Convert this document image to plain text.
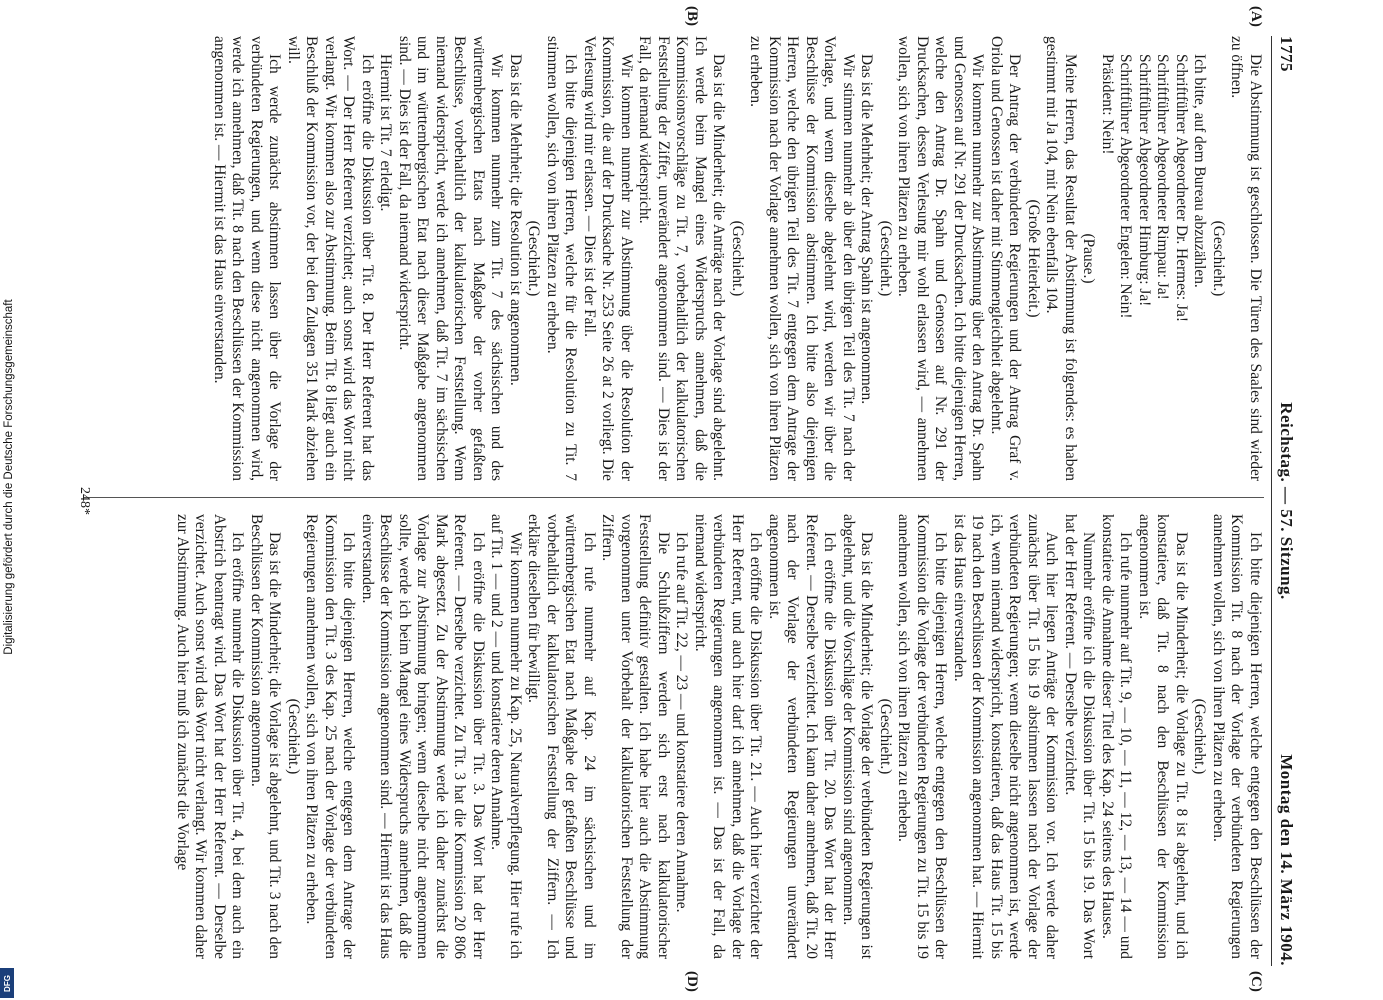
1775
Reichstag. — 57. Sitzung.
Montag den 14. März 1904.

Die Abstimmung ist geschlossen. Die Türen des Saales sind wieder zu öffnen.

(Geschieht.)

Ich bitte, auf dem Bureau abzuzählen.

Schriftführer Abgeordneter Dr. Hermes: Ja!

Schriftführer Abgeordneter Rimpau: Ja!

Schriftführer Abgeordneter Himburg: Ja!

Schriftführer Abgeordneter Engelen: Nein!

Präsident: Nein!

(Pause.)

Meine Herren, das Resultat der Abstimmung ist folgendes: es haben gestimmt mit Ja 104, mit Nein ebenfalls 104.

(Große Heiterkeit.)

Der Antrag der verbündeten Regierungen und der Antrag Graf v. Oriola und Genossen ist daher mit Stimmengleichheit abgelehnt.

Wir kommen nunmehr zur Abstimmung über den Antrag Dr. Spahn und Genossen auf Nr. 291 der Drucksachen. Ich bitte diejenigen Herren, welche den Antrag Dr. Spahn und Genossen auf Nr. 291 der Drucksachen, dessen Verlesung mir wohl erlassen wird, — annehmen wollen, sich von ihren Plätzen zu erheben.

(Geschieht.)

Das ist die Mehrheit; der Antrag Spahn ist angenommen.

Wir stimmen nunmehr ab über den übrigen Teil des Tit. 7 nach der Vorlage, und wenn dieselbe abgelehnt wird, werden wir über die Beschlüsse der Kommission abstimmen. Ich bitte also diejenigen Herren, welche den übrigen Teil des Tit. 7 entgegen dem Antrage der Kommission nach der Vorlage annehmen wollen, sich von ihren Plätzen zu erheben.

(Geschieht.)

Das ist die Minderheit; die Anträge nach der Vorlage sind abgelehnt. Ich werde beim Mangel eines Widerspruchs annehmen, daß die Kommissionsvorschläge zu Tit. 7, vorbehaltlich der kalkulatorischen Feststellung der Ziffer, unverändert angenommen sind. — Dies ist der Fall, da niemand widerspricht.

Wir kommen nunmehr zur Abstimmung über die Resolution der Kommission, die auf der Drucksache Nr. 253 Seite 26 at 2 vorliegt. Die Verlesung wird mir erlassen. — Dies ist der Fall.

Ich bitte diejenigen Herren, welche für die Resolution zu Tit. 7 stimmen wollen, sich von ihren Plätzen zu erheben.

(Geschieht.)

Das ist die Mehrheit; die Resolution ist angenommen.

Wir kommen nunmehr zum Tit. 7 des sächsischen und des württembergischen Etats nach Maßgabe der vorher gefaßten Beschlüsse, vorbehaltlich der kalkulatorischen Feststellung. Wenn niemand widerspricht, werde ich annehmen, daß Tit. 7 im sächsischen und im württembergischen Etat nach dieser Maßgabe angenommen sind. — Dies ist der Fall, da niemand widerspricht.

Hiermit ist Tit. 7 erledigt.

Ich eröffne die Diskussion über Tit. 8. Der Herr Referent hat das Wort. — Der Herr Referent verzichtet; auch sonst wird das Wort nicht verlangt. Wir kommen also zur Abstimmung. Beim Tit. 8 liegt auch ein Beschluß der Kommission vor, der bei den Zulagen 351 Mark abziehen will.

Ich werde zunächst abstimmen lassen über die Vorlage der verbündeten Regierungen, und wenn diese nicht angenommen wird, werde ich annehmen, daß Tit. 8 nach den Beschlüssen der Kommission angenommen ist. — Hiermit ist das Haus einverstanden.

Ich bitte diejenigen Herren, welche entgegen den Beschlüssen der Kommission Tit. 8 nach der Vorlage der verbündeten Regierungen annehmen wollen, sich von ihren Plätzen zu erheben.

(Geschieht.)

Das ist die Minderheit; die Vorlage zu Tit. 8 ist abgelehnt, und ich konstatiere, daß Tit. 8 nach den Beschlüssen der Kommission angenommen ist.

Ich rufe nunmehr auf Tit. 9, — 10, — 11, — 12, — 13, — 14 — und konstatiere die Annahme dieser Titel des Kap. 24 seitens des Hauses.

Nunmehr eröffne ich die Diskussion über Tit. 15 bis 19. Das Wort hat der Herr Referent. — Derselbe verzichtet.

Auch hier liegen Anträge der Kommission vor. Ich werde daher zunächst über Tit. 15 bis 19 abstimmen lassen nach der Vorlage der verbündeten Regierungen; wenn dieselbe nicht angenommen ist, werde ich, wenn niemand widerspricht, konstatieren, daß das Haus Tit. 15 bis 19 nach den Beschlüssen der Kommission angenommen hat. — Hiermit ist das Haus einverstanden.

Ich bitte diejenigen Herren, welche entgegen den Beschlüssen der Kommission die Vorlage der verbündeten Regierungen zu Tit. 15 bis 19 annehmen wollen, sich von ihren Plätzen zu erheben.

(Geschieht.)

Das ist die Minderheit; die Vorlage der verbündeten Regierungen ist abgelehnt, und die Vorschläge der Kommission sind angenommen.

Ich eröffne die Diskussion über Tit. 20. Das Wort hat der Herr Referent. — Derselbe verzichtet. Ich kann daher annehmen, daß Tit. 20 nach der Vorlage der verbündeten Regierungen unverändert angenommen ist.

Ich eröffne die Diskussion über Tit. 21. — Auch hier verzichtet der Herr Referent, und auch hier darf ich annehmen, daß die Vorlage der verbündeten Regierungen angenommen ist. — Das ist der Fall, da niemand widerspricht.

Ich rufe auf Tit. 22, — 23 — und konstatiere deren Annahme.

Die Schlußziffern werden sich erst nach kalkulatorischer Feststellung definitiv gestalten. Ich habe hier auch die Abstimmung vorgenommen unter Vorbehalt der kalkulatorischen Feststellung der Ziffern.

Ich rufe nunmehr auf Kap. 24 im sächsischen und im württembergischen Etat nach Maßgabe der gefaßten Beschlüsse und vorbehaltlich der kalkulatorischen Feststellung der Ziffern. — Ich erkläre dieselben für bewilligt.

Wir kommen nunmehr zu Kap. 25, Naturalverpflegung. Hier rufe ich auf Tit. 1 — und 2 — und konstatiere deren Annahme.

Ich eröffne die Diskussion über Tit. 3. Das Wort hat der Herr Referent. — Derselbe verzichtet. Zu Tit. 3 hat die Kommission 20 806 Mark abgesetzt. Zu der Abstimmung werde ich daher zunächst die Vorlage zur Abstimmung bringen; wenn dieselbe nicht angenommen sollte, werde ich beim Mangel eines Widerspruchs annehmen, daß die Beschlüsse der Kommission angenommen sind. — Hiermit ist das Haus einverstanden.

Ich bitte diejenigen Herren, welche entgegen dem Antrage der Kommission den Tit. 3 des Kap. 25 nach der Vorlage der verbündeten Regierungen annehmen wollen, sich von ihren Plätzen zu erheben.

(Geschieht.)

Das ist die Minderheit; die Vorlage ist abgelehnt, und Tit. 3 nach den Beschlüssen der Kommission angenommen.

Ich eröffne nunmehr die Diskussion über Tit. 4, bei dem auch ein Abstrich beantragt wird. Das Wort hat der Herr Referent. — Derselbe verzichtet. Auch sonst wird das Wort nicht verlangt. Wir kommen daher zur Abstimmung. Auch hier muß ich zunächst die Vorlage

(A)
(B)
(C)
(D)
248*
Digitalisierung gefördert durch die Deutsche Forschungsgemeinschaft
DFG
